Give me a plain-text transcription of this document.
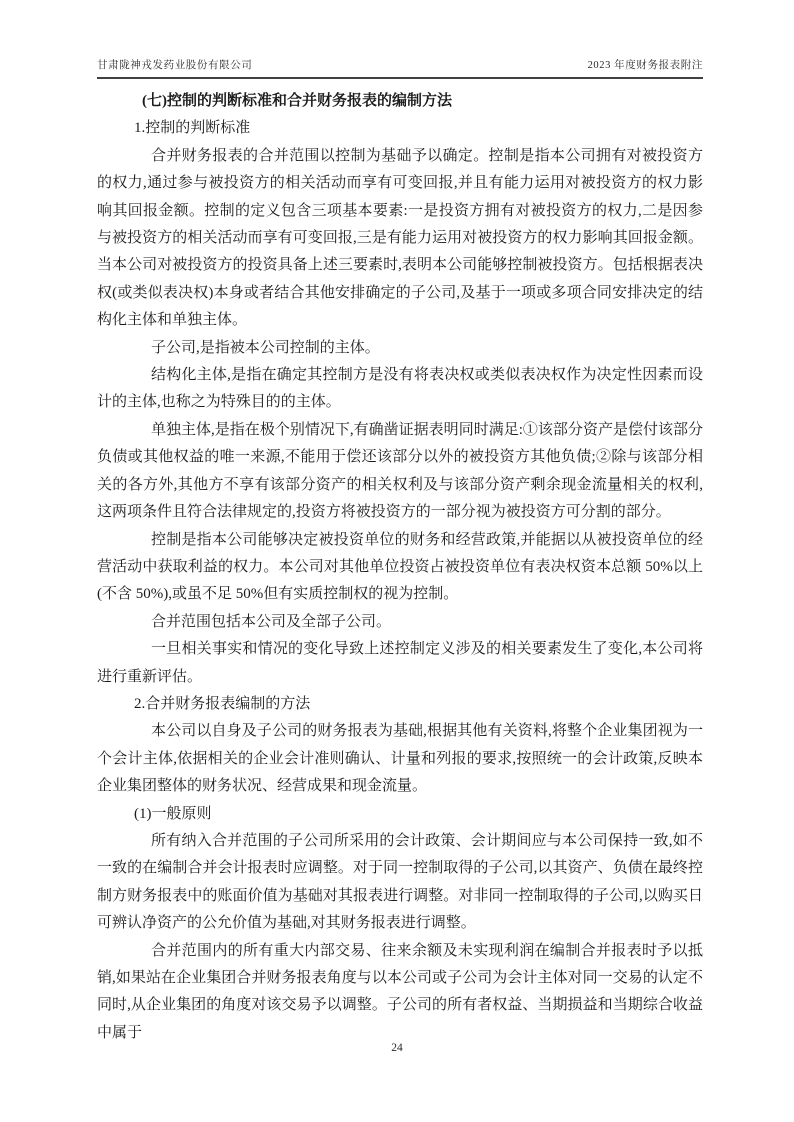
甘肃陇神戎发药业股份有限公司	2023 年度财务报表附注

(七)控制的判断标准和合并财务报表的编制方法

1.控制的判断标准

合并财务报表的合并范围以控制为基础予以确定。控制是指本公司拥有对被投资方的权力,通过参与被投资方的相关活动而享有可变回报,并且有能力运用对被投资方的权力影响其回报金额。控制的定义包含三项基本要素:一是投资方拥有对被投资方的权力,二是因参与被投资方的相关活动而享有可变回报,三是有能力运用对被投资方的权力影响其回报金额。当本公司对被投资方的投资具备上述三要素时,表明本公司能够控制被投资方。包括根据表决权(或类似表决权)本身或者结合其他安排确定的子公司,及基于一项或多项合同安排决定的结构化主体和单独主体。

子公司,是指被本公司控制的主体。

结构化主体,是指在确定其控制方是没有将表决权或类似表决权作为决定性因素而设计的主体,也称之为特殊目的的主体。

单独主体,是指在极个别情况下,有确凿证据表明同时满足:①该部分资产是偿付该部分负债或其他权益的唯一来源,不能用于偿还该部分以外的被投资方其他负债;②除与该部分相关的各方外,其他方不享有该部分资产的相关权利及与该部分资产剩余现金流量相关的权利,这两项条件且符合法律规定的,投资方将被投资方的一部分视为被投资方可分割的部分。

控制是指本公司能够决定被投资单位的财务和经营政策,并能据以从被投资单位的经营活动中获取利益的权力。本公司对其他单位投资占被投资单位有表决权资本总额 50%以上(不含 50%),或虽不足 50%但有实质控制权的视为控制。

合并范围包括本公司及全部子公司。

一旦相关事实和情况的变化导致上述控制定义涉及的相关要素发生了变化,本公司将进行重新评估。

2.合并财务报表编制的方法

本公司以自身及子公司的财务报表为基础,根据其他有关资料,将整个企业集团视为一个会计主体,依据相关的企业会计准则确认、计量和列报的要求,按照统一的会计政策,反映本企业集团整体的财务状况、经营成果和现金流量。

(1)一般原则

所有纳入合并范围的子公司所采用的会计政策、会计期间应与本公司保持一致,如不一致的在编制合并会计报表时应调整。对于同一控制取得的子公司,以其资产、负债在最终控制方财务报表中的账面价值为基础对其报表进行调整。对非同一控制取得的子公司,以购买日可辨认净资产的公允价值为基础,对其财务报表进行调整。

合并范围内的所有重大内部交易、往来余额及未实现利润在编制合并报表时予以抵销,如果站在企业集团合并财务报表角度与以本公司或子公司为会计主体对同一交易的认定不同时,从企业集团的角度对该交易予以调整。子公司的所有者权益、当期损益和当期综合收益中属于

24
